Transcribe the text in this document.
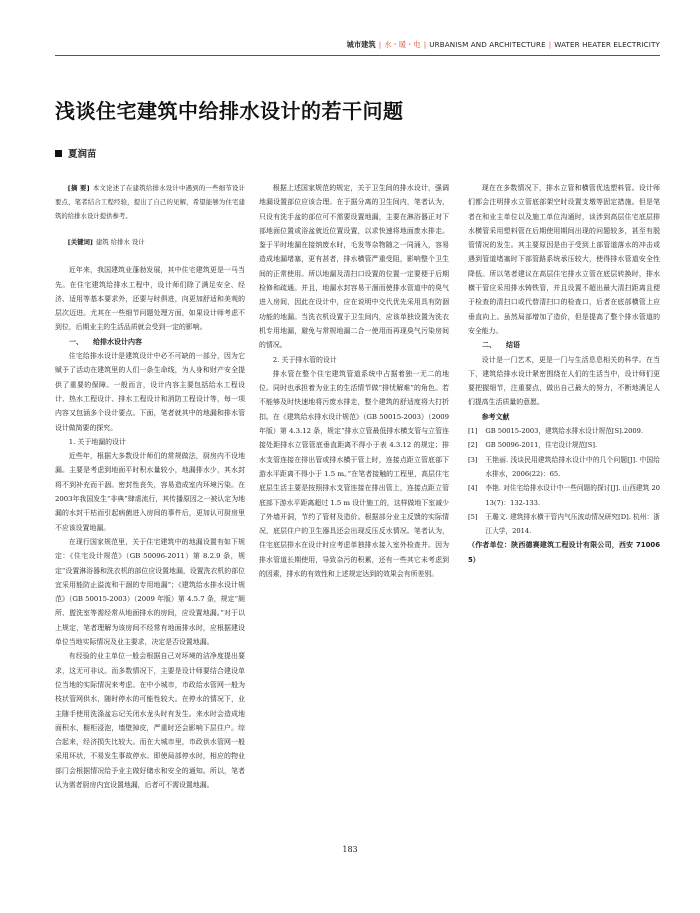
城市建筑 | 水・暖・电 | URBANISM AND ARCHITECTURE | WATER HEATER ELECTRICITY
浅谈住宅建筑中给排水设计的若干问题
夏润苗

[摘 要] 本文论述了在建筑给排水设计中遇到的一些细节设计要点，笔者结合工程经验，提出了自己的见解，希望能够为住宅建筑的给排水设计提供参考。

[关键词] 建筑 给排水 设计

近年来，我国建筑业蓬勃发展，其中住宅建筑更是一马当先。在住宅建筑给排水工程中，设计师们除了满足安全、经济、适用等基本要求外，还要与时俱进，向更加舒适和美观的层次迈进。尤其在一些细节问题处理方面，如果设计师考虑不到位，后期业主的生活品质就会受到一定的影响。

一、 给排水设计内容

住宅给排水设计是建筑设计中必不可缺的一部分，因为它赋予了活动在建筑里的人们一条生命线，为人身和财产安全提供了重要的保障。一般而言，设计内容主要包括给水工程设计、热水工程设计、排水工程设计和消防工程设计等，每一项内容又包涵多个设计要点。下面，笔者就其中的地漏和排水管设计做简要的探究。

1. 关于地漏的设计

近些年，根据大多数设计师们的常规做法，厨房内不设地漏。主要是考虑到地面平时积水量较小，地漏排水少，其水封将不到补充而干涸。密封性丧失，容易造成室内环境污染。在2003年我国发生“非典”肆虐流行，其传播原因之一被认定为地漏的水封干枯而引起病菌进入房间的事件后，更加认可厨房里不应该设置地漏。

在现行国家规范里，关于住宅建筑中的地漏设置有如下规定：《住宅设计规范》（GB 50096-2011）第 8.2.9 条，规定“设置淋浴器和洗衣机的部位应设置地漏，设置洗衣机的部位宜采用能防止溢流和干涸的专用地漏”；《建筑给水排水设计规范》（GB 50015-2003）（2009 年版）第 4.5.7 条，规定“厕所、盥洗室等需经常从地面排水的房间，应设置地漏。”对于以上规定，笔者理解为该房间不经常有地面排水时，应根据建设单位当地实际情况及业主要求，决定是否设置地漏。

有经验的业主单位一般会根据自己对环境的洁净度提出要求，这无可非议。而多数情况下，主要是设计师要结合建设单位当地的实际情况来考虑。在中小城市，市政给水管网一般为枝状管网供水，随时停水的可能性较大。在停水的情况下，业主随手使用洗涤盆忘记关闭水龙头时有发生。来水时会造成地面积水，橱柜浸泡，墙壁掉皮，严重时还会影响下层住户。综合起来，经济损失比较大。而在大城市里，市政供水管网一般采用环状，不易发生事故停水。即使局部停水时，相应的物业部门会根据情况给予业主做好储水和安全的通知。所以，笔者认为需者厨房内宜设置地漏，后者可不需设置地漏。

根据上述国家规范的规定，关于卫生间的排水设计，强调地漏设置部位应该合理。在于据分离的卫生间内，笔者认为，只设有洗手盆的部位可不需要设置地漏，主要在淋浴器正对下部地面位置或浴盆就近位置设置，以求快速将地面废水排走。鉴于平时地漏在接纳废水时，毛发等杂物随之一同涌入，容易造成地漏堵塞，更有甚者，排水横管严重受阻，影响整个卫生间的正常使用。所以地漏及清扫口设置的位置一定要便于后期检修和疏通。并且，地漏水封容易干涸而使排水管道中的臭气进入房间，因此在设计中，应在说明中交代优先采用具有防涸功能的地漏。当洗衣机设置于卫生间内，应该单独设置为洗衣机专用地漏，避免与常规地漏二合一使用而再现臭气污染房间的情况。

2. 关于排水管的设计

排水管在整个住宅建筑管道系统中占据着独一无二的地位。同时也承担着为业主的生活情节做“排忧解难”的角色。若不能够及时快速地将污废水排走，整个建筑的舒适度将大打折扣。在《建筑给水排水设计规范》（GB 50015-2003）（2009 年版）第 4.3.12 条，规定“排水立管最低排水横支管与立管连接处距排水立管管底垂直距离不得小于表 4.3.12 的规定；排水支管连接在排出管或排水横干管上时，连接点距立管底部下游水平距离不得小于 1.5 m。”在笔者接触的工程里，高层住宅底层生活主要是按照排水支管连接在排出管上，连接点距立管底部下游水平距离超过 1.5 m 设计施工的，这样做地下室减少了外墙开洞，节约了管材及造价。根据部分业主反馈的实际情况，底层住户的卫生器具还会出现反压反水情况。笔者认为，住宅底层排水在设计时应考虑单独排水接入室外检查井。因为排水管道长期使用，导致杂污的积累，还有一些其它未考虑到的因素，排水的有效性和上述规定达到的效果会有所差别。

现在在多数情况下，排水立管和横管优选塑料管。设计师们都会注明排水立管底部架空时设置支墩等固定措施。但是笔者在和业主单位以及施工单位沟通时，谈涉到高层住宅底层排水横管采用塑料管在后期使用期间出现的问题较多，甚至有脱管情况的发生。其主要原因是由于受到上部管道落水的冲击或遇到管道堵塞时下部管路系统承压较大，使得排水管道安全性降低。所以笔者建议在高层住宅排水立管在底层转换时，排水横干管应采用排水铸铁管，并且设置不超出最大清扫距离且便于检查的清扫口或代替清扫口的检查口，后者在底部横管上应垂直向上。虽然局部增加了造价，但是提高了整个排水管道的安全能力。

二、 结语

设计是一门艺术，更是一门与生活息息相关的科学。在当下，建筑给排水设计紧密围绕在人们的生活当中，设计师们更要把握细节，注重要点，做出自己最大的努力，不断地满足人们提高生活质量的意愿。

参考文献

[1] GB 50015-2003，建筑给水排水设计规范[S].2009.

[2] GB 50096-2011，住宅设计规范[S].

[3] 王艳丽. 浅谈民用建筑给排水设计中的几个问题[J]. 中国给水排水，2006(22)：65.

[4] 李艳. 对住宅给排水设计中一些问题的探讨[J]. 山西建筑 2013(7)：132-133.

[5] 王璐文. 建筑排水横干管内气压波动情况研究[D]. 杭州：浙江大学，2014.

（作者单位：陕西德赛建筑工程设计有限公司，西安 710065）

183
